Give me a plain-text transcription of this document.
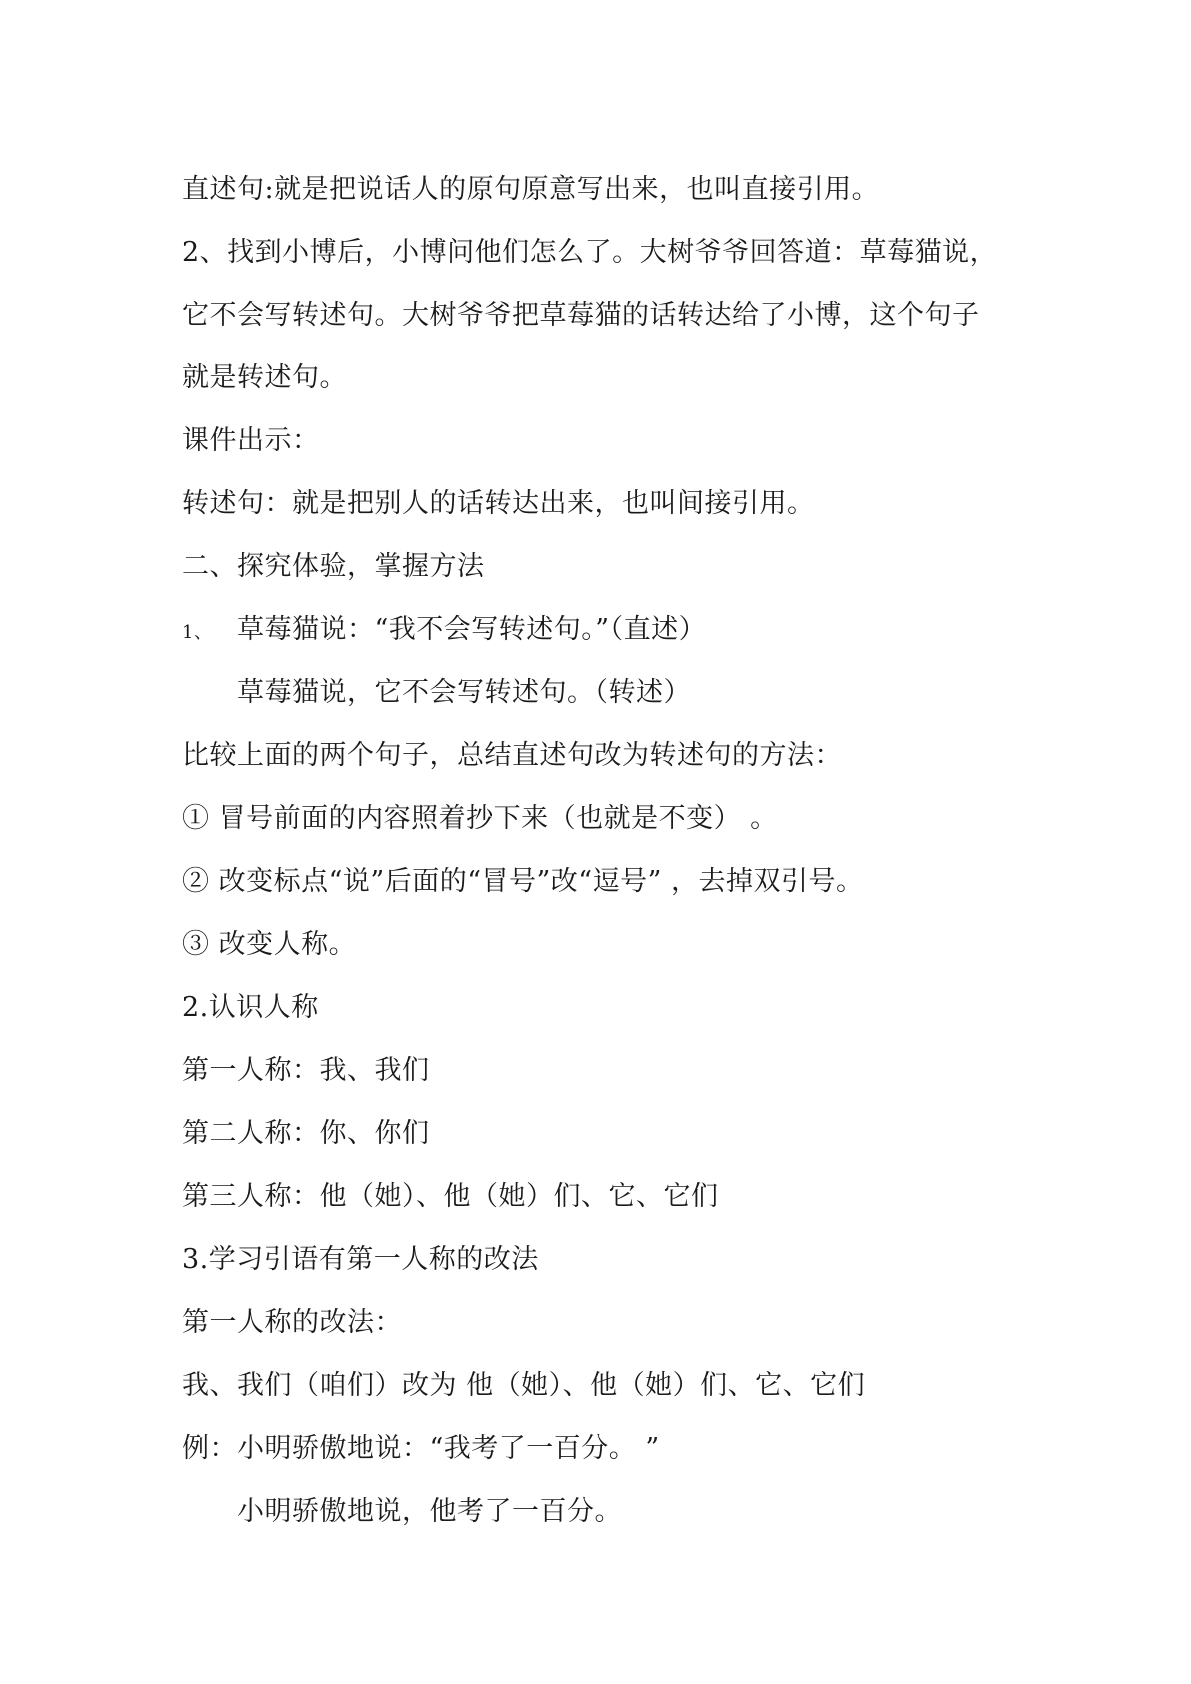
直述句:就是把说话人的原句原意写出来，也叫直接引用。
2、找到小博后，小博问他们怎么了。大树爷爷回答道：草莓猫说，
它不会写转述句。大树爷爷把草莓猫的话转达给了小博，这个句子
就是转述句。
课件出示：
转述句：就是把别人的话转达出来，也叫间接引用。
二、探究体验，掌握方法
1、 草莓猫说：“我不会写转述句。”（直述）
草莓猫说，它不会写转述句。（转述）
比较上面的两个句子，总结直述句改为转述句的方法：
① 冒号前面的内容照着抄下来（也就是不变） 。
② 改变标点“说”后面的“冒号”改“逗号” ，去掉双引号。
③ 改变人称。
2.认识人称
第一人称：我、我们
第二人称：你、你们
第三人称：他（她）、他（她）们、它、它们
3.学习引语有第一人称的改法
第一人称的改法：
我、我们（咱们）改为 他（她）、他（她）们、它、它们
例：小明骄傲地说：“我考了一百分。 ”
小明骄傲地说，他考了一百分。
